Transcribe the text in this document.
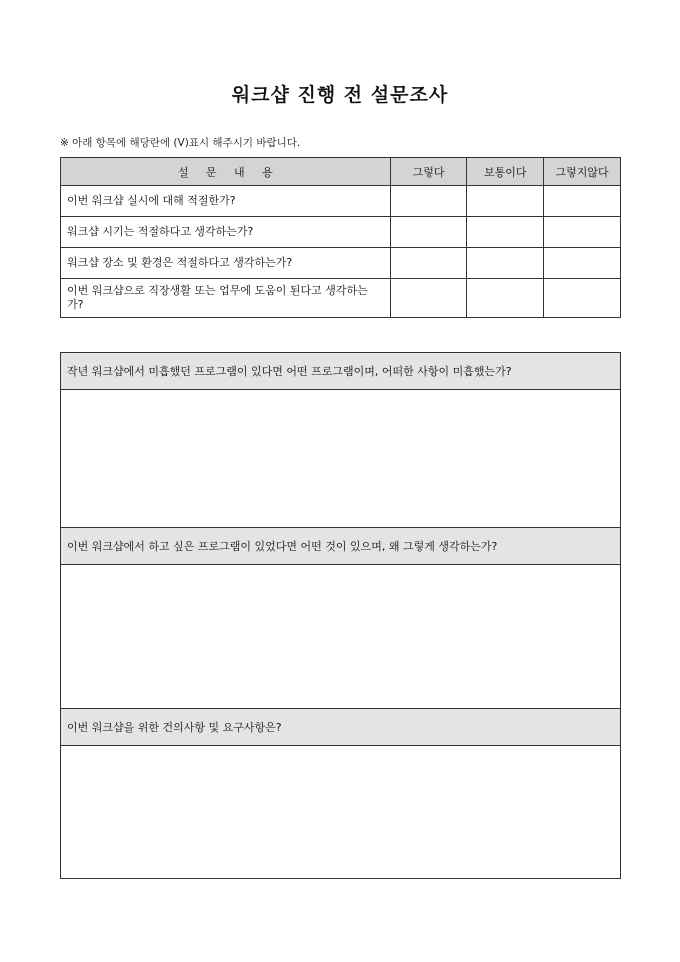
워크샵 진행 전 설문조사
※ 아래 항목에 해당란에 (V)표시 해주시기 바랍니다.
설 문 내 용	그렇다	보통이다	그렇지않다
이번 워크샵 실시에 대해 적절한가?			
워크샵 시기는 적절하다고 생각하는가?			
워크샵 장소 및 환경은 적절하다고 생각하는가?			
이번 워크샵으로 직장생활 또는 업무에 도움이 된다고 생각하는가?			
작년 워크샵에서 미흡했던 프로그램이 있다면 어떤 프로그램이며, 어떠한 사항이 미흡했는가?
이번 워크샵에서 하고 싶은 프로그램이 있었다면 어떤 것이 있으며, 왜 그렇게 생각하는가?
이번 워크샵을 위한 건의사항 및 요구사항은?
